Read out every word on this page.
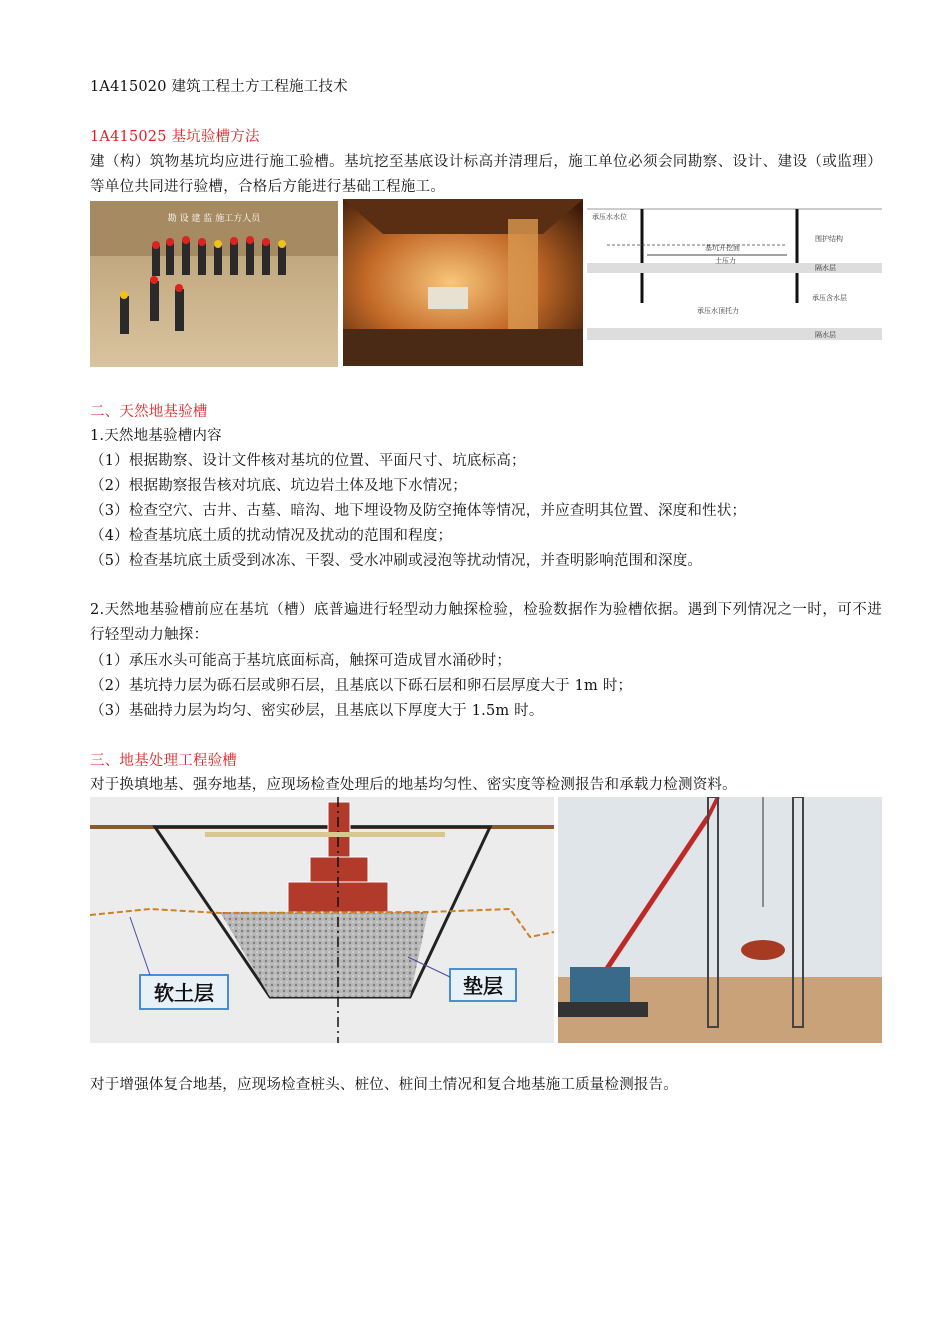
1A415020 建筑工程土方工程施工技术
1A415025 基坑验槽方法
建（构）筑物基坑均应进行施工验槽。基坑挖至基底设计标高并清理后，施工单位必须会同勘察、设计、建设（或监理）等单位共同进行验槽，合格后方能进行基础工程施工。
勘 设 建 监 施工方人员	承压水水位
基坑开挖面
土压力
围护结构
隔水层
承压含水层
承压水顶托力
隔水层
二、天然地基验槽
1.天然地基验槽内容
（1）根据勘察、设计文件核对基坑的位置、平面尺寸、坑底标高；
（2）根据勘察报告核对坑底、坑边岩土体及地下水情况；
（3）检查空穴、古井、古墓、暗沟、地下埋设物及防空掩体等情况，并应查明其位置、深度和性状；
（4）检查基坑底土质的扰动情况及扰动的范围和程度；
（5）检查基坑底土质受到冰冻、干裂、受水冲刷或浸泡等扰动情况，并查明影响范围和深度。
2.天然地基验槽前应在基坑（槽）底普遍进行轻型动力触探检验，检验数据作为验槽依据。遇到下列情况之一时，可不进行轻型动力触探：
（1）承压水头可能高于基坑底面标高，触探可造成冒水涌砂时；
（2）基坑持力层为砾石层或卵石层，且基底以下砾石层和卵石层厚度大于 1m 时；
（3）基础持力层为均匀、密实砂层，且基底以下厚度大于 1.5m 时。
三、地基处理工程验槽
对于换填地基、强夯地基，应现场检查处理后的地基均匀性、密实度等检测报告和承载力检测资料。
软土层	垫层
对于增强体复合地基，应现场检查桩头、桩位、桩间土情况和复合地基施工质量检测报告。
